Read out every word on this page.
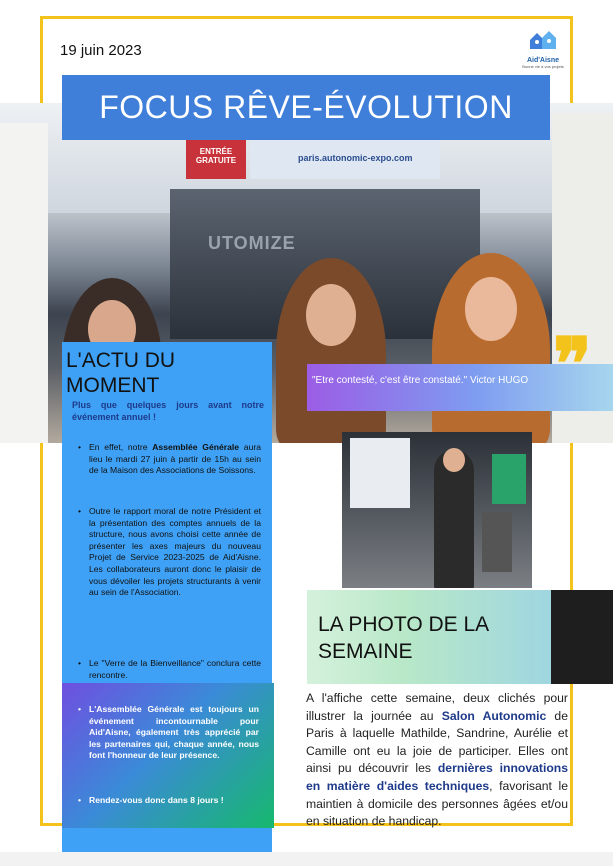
ENTRÉE GRATUITE	paris.autonomic-expo.com
UTOMIZE
19 juin 2023
Aid'Aisne
Bonne vie à vos projets
FOCUS RÊVE-ÉVOLUTION
L'ACTU DU MOMENT
Plus que quelques jours avant notre événement annuel !
• En effet, notre Assemblée Générale aura lieu le mardi 27 juin à partir de 15h au sein de la Maison des Associations de Soissons.
• Outre le rapport moral de notre Président et la présentation des comptes annuels de la structure, nous avons choisi cette année de présenter les axes majeurs du nouveau Projet de Service 2023-2025 de Aid'Aisne. Les collaborateurs auront donc le plaisir de vous dévoiler les projets structurants à venir au sein de l'Association.
• Le "Verre de la Bienveillance" conclura cette rencontre.
• L'Assemblée Générale est toujours un événement incontournable pour Aid'Aisne, également très apprécié par les partenaires qui, chaque année, nous font l'honneur de leur présence.
• Rendez-vous donc dans 8 jours !
"Etre contesté, c'est être constaté." Victor HUGO ❞
LA PHOTO DE LA SEMAINE
A l'affiche cette semaine, deux clichés pour illustrer la journée au Salon Autonomic de Paris à laquelle Mathilde, Sandrine, Aurélie et Camille ont eu la joie de participer. Elles ont ainsi pu découvrir les dernières innovations en matière d'aides techniques, favorisant le maintien à domicile des personnes âgées et/ou en situation de handicap.
